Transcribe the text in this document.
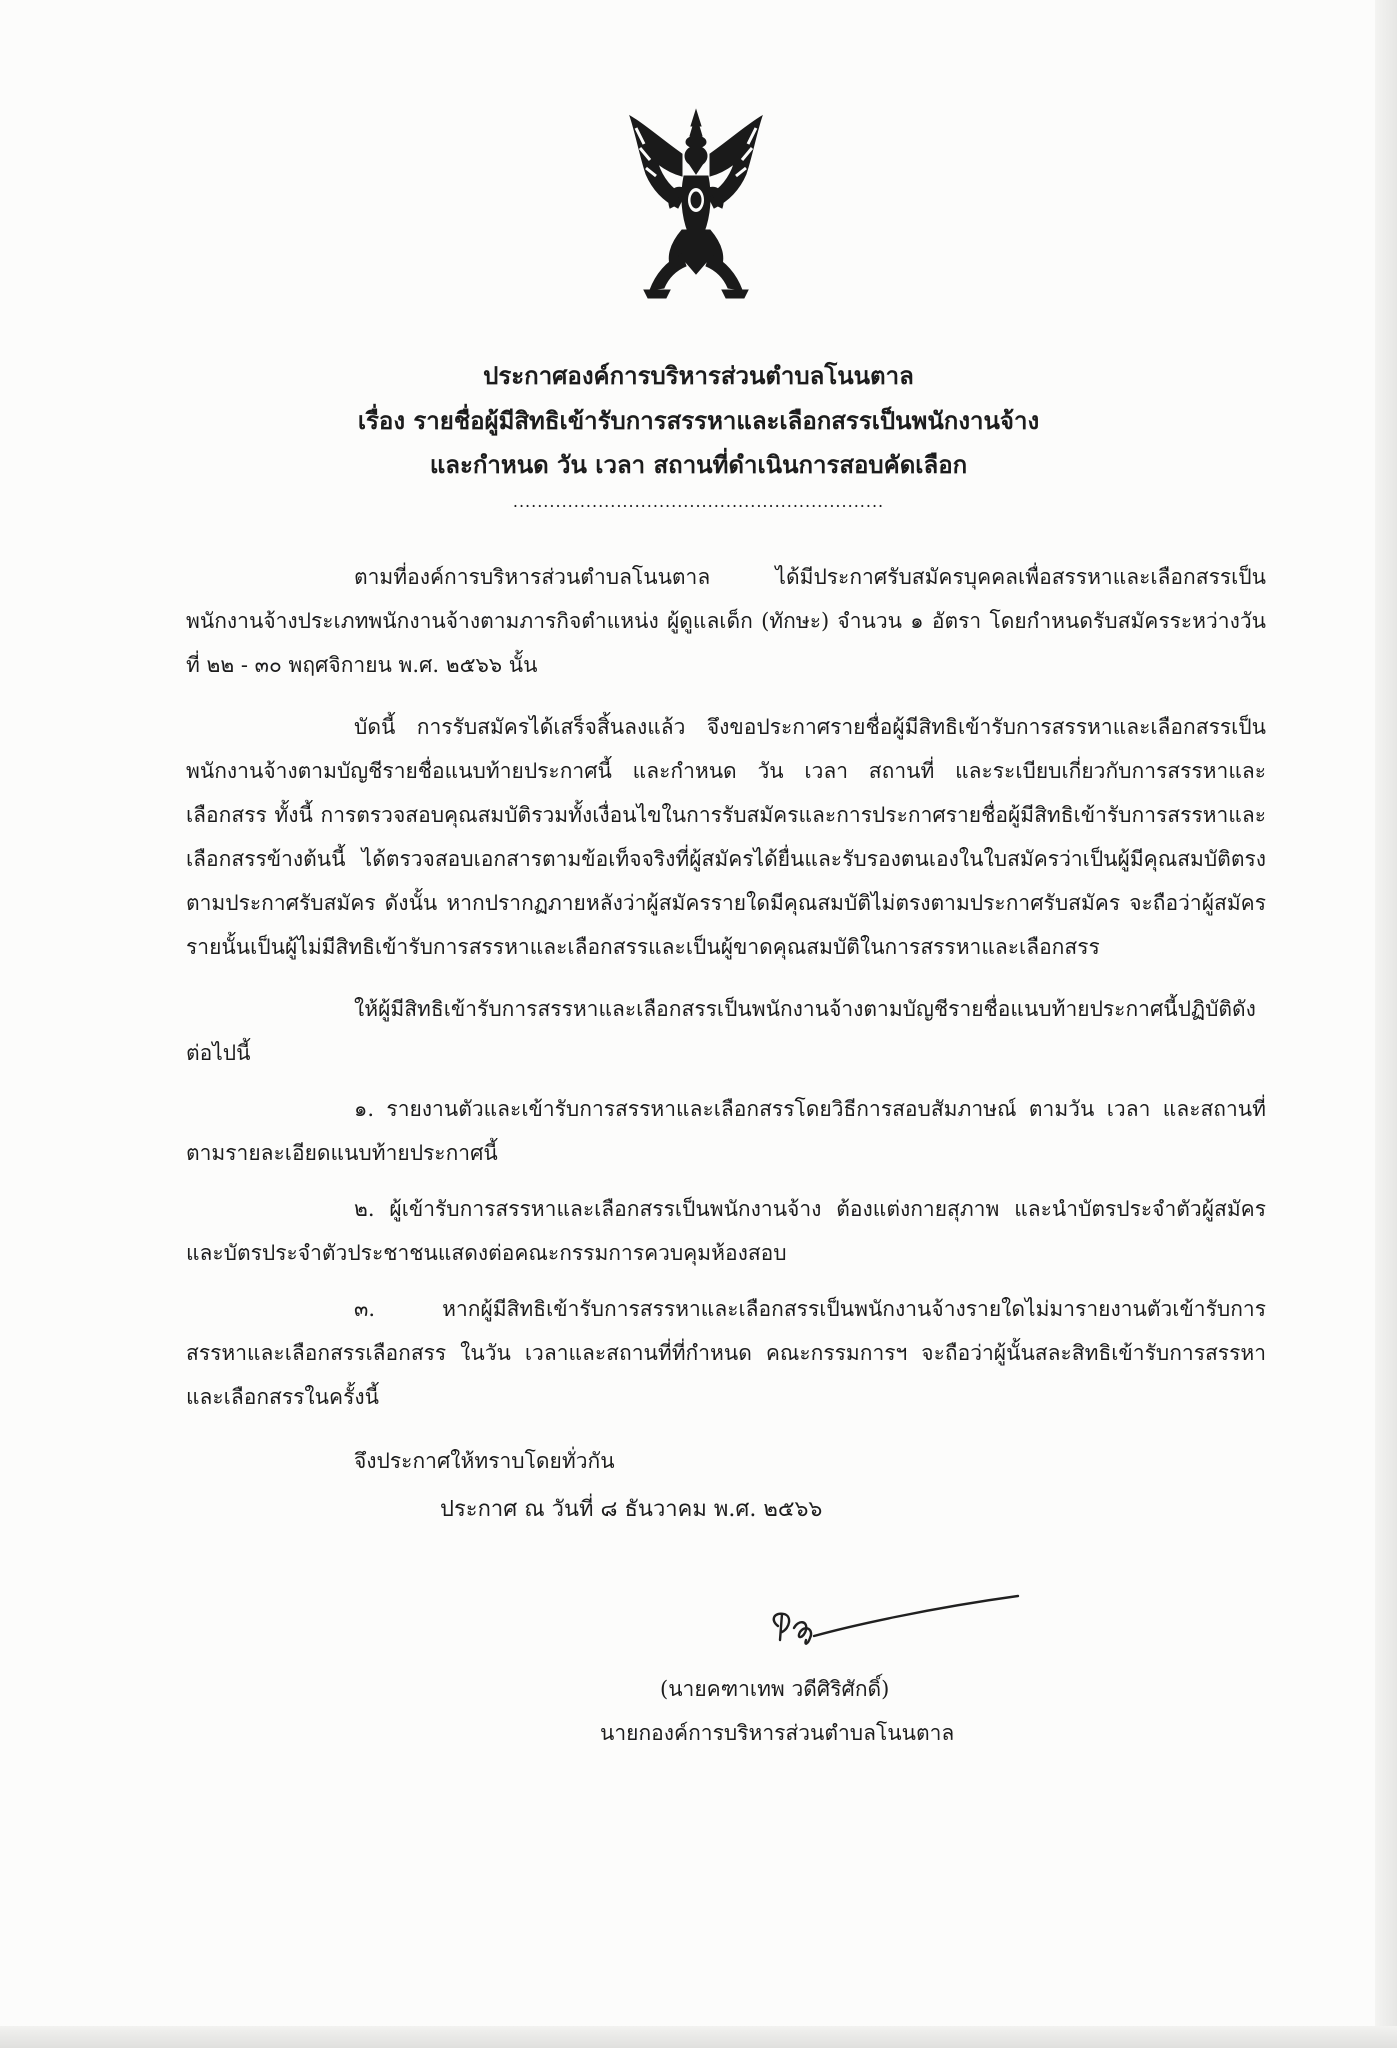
ประกาศองค์การบริหารส่วนตำบลโนนตาล
เรื่อง รายชื่อผู้มีสิทธิเข้ารับการสรรหาและเลือกสรรเป็นพนักงานจ้าง
และกำหนด วัน เวลา สถานที่ดำเนินการสอบคัดเลือก
.............................................................

ตามที่องค์การบริหารส่วนตำบลโนนตาล ได้มีประกาศรับสมัครบุคคลเพื่อสรรหาและเลือกสรรเป็นพนักงานจ้างประเภทพนักงานจ้างตามภารกิจตำแหน่ง ผู้ดูแลเด็ก (ทักษะ) จำนวน ๑ อัตรา โดยกำหนดรับสมัครระหว่างวันที่ ๒๒ - ๓๐ พฤศจิกายน พ.ศ. ๒๕๖๖ นั้น

บัดนี้ การรับสมัครได้เสร็จสิ้นลงแล้ว จึงขอประกาศรายชื่อผู้มีสิทธิเข้ารับการสรรหาและเลือกสรรเป็นพนักงานจ้างตามบัญชีรายชื่อแนบท้ายประกาศนี้ และกำหนด วัน เวลา สถานที่ และระเบียบเกี่ยวกับการสรรหาและเลือกสรร ทั้งนี้ การตรวจสอบคุณสมบัติรวมทั้งเงื่อนไขในการรับสมัครและการประกาศรายชื่อผู้มีสิทธิเข้ารับการสรรหาและเลือกสรรข้างต้นนี้ ได้ตรวจสอบเอกสารตามข้อเท็จจริงที่ผู้สมัครได้ยื่นและรับรองตนเองในใบสมัครว่าเป็นผู้มีคุณสมบัติตรงตามประกาศรับสมัคร ดังนั้น หากปรากฏภายหลังว่าผู้สมัครรายใดมีคุณสมบัติไม่ตรงตามประกาศรับสมัคร จะถือว่าผู้สมัครรายนั้นเป็นผู้ไม่มีสิทธิเข้ารับการสรรหาและเลือกสรรและเป็นผู้ขาดคุณสมบัติในการสรรหาและเลือกสรร

ให้ผู้มีสิทธิเข้ารับการสรรหาและเลือกสรรเป็นพนักงานจ้างตามบัญชีรายชื่อแนบท้ายประกาศนี้ปฏิบัติดังต่อไปนี้

๑. รายงานตัวและเข้ารับการสรรหาและเลือกสรรโดยวิธีการสอบสัมภาษณ์ ตามวัน เวลา และสถานที่ตามรายละเอียดแนบท้ายประกาศนี้

๒. ผู้เข้ารับการสรรหาและเลือกสรรเป็นพนักงานจ้าง ต้องแต่งกายสุภาพ และนำบัตรประจำตัวผู้สมัครและบัตรประจำตัวประชาชนแสดงต่อคณะกรรมการควบคุมห้องสอบ

๓. หากผู้มีสิทธิเข้ารับการสรรหาและเลือกสรรเป็นพนักงานจ้างรายใดไม่มารายงานตัวเข้ารับการสรรหาและเลือกสรรเลือกสรร ในวัน เวลาและสถานที่ที่กำหนด คณะกรรมการฯ จะถือว่าผู้นั้นสละสิทธิเข้ารับการสรรหาและเลือกสรรในครั้งนี้

จึงประกาศให้ทราบโดยทั่วกัน

ประกาศ ณ วันที่ ๘ ธันวาคม พ.ศ. ๒๕๖๖
(นายคฑาเทพ วดีศิริศักดิ์)
นายกองค์การบริหารส่วนตำบลโนนตาล
